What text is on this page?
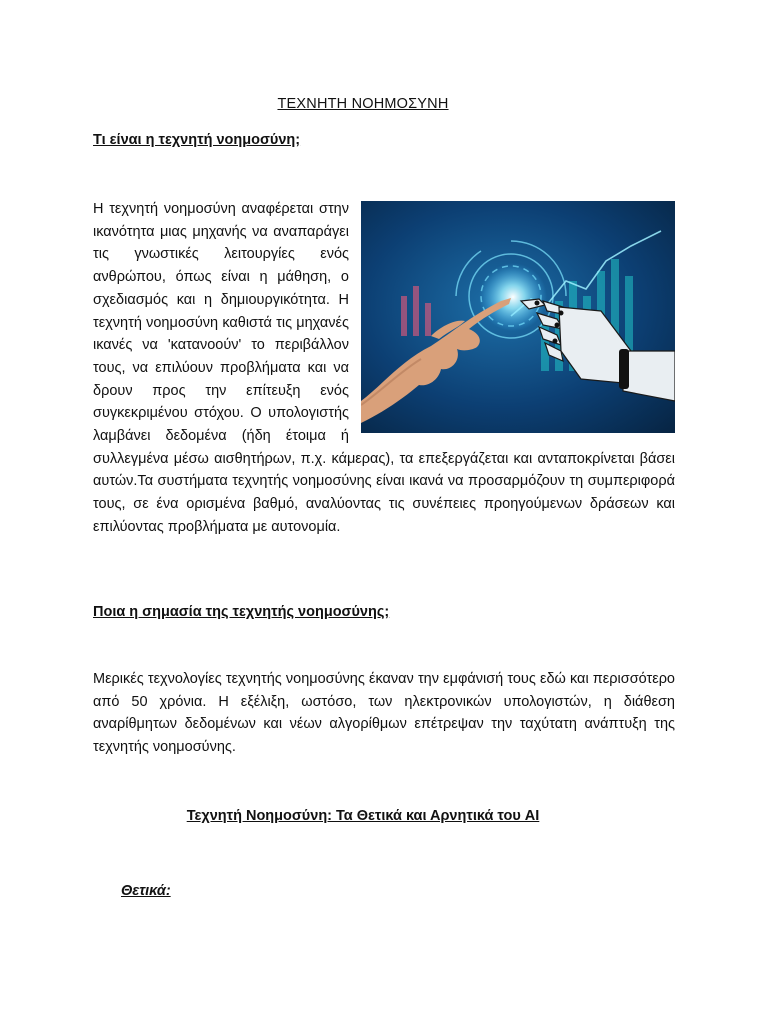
ΤΕΧΝΗΤΗ ΝΟΗΜΟΣΥΝΗ
Τι είναι η τεχνητή νοημοσύνη;
Η τεχνητή νοημοσύνη αναφέρεται στην ικανότητα μιας μηχανής να αναπαράγει τις γνωστικές λειτουργίες ενός ανθρώπου, όπως είναι η μάθηση, ο σχεδιασμός και η δημιουργικότητα. Η τεχνητή νοημοσύνη καθιστά τις μηχανές ικανές να 'κατανοούν' το περιβάλλον τους, να επιλύουν προβλήματα και να δρουν προς την επίτευξη ενός συγκεκριμένου στόχου. Ο υπολογιστής λαμβάνει δεδομένα (ήδη έτοιμα ή συλλεγμένα μέσω αισθητήρων, π.χ. κάμερας), τα επεξεργάζεται και ανταποκρίνεται βάσει αυτών.Τα συστήματα τεχνητής νοημοσύνης είναι ικανά να προσαρμόζουν τη συμπεριφορά τους, σε ένα ορισμένα βαθμό, αναλύοντας τις συνέπειες προηγούμενων δράσεων και επιλύοντας προβλήματα με αυτονομία.
Ποια η σημασία της τεχνητής νοημοσύνης;
Μερικές τεχνολογίες τεχνητής νοημοσύνης έκαναν την εμφάνισή τους εδώ και περισσότερο από 50 χρόνια. Η εξέλιξη, ωστόσο, των ηλεκτρονικών υπολογιστών, η διάθεση αναρίθμητων δεδομένων και νέων αλγορίθμων επέτρεψαν την ταχύτατη ανάπτυξη της τεχνητής νοημοσύνης.
Τεχνητή Νοημοσύνη: Τα Θετικά και Αρνητικά του AI
Θετικά:
